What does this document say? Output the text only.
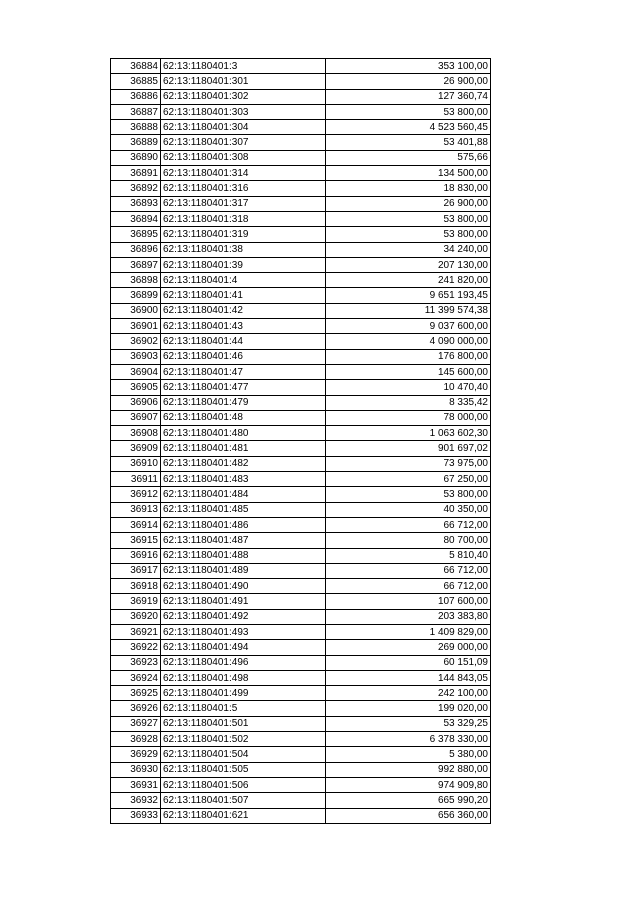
36884	62:13:1180401:3	353 100,00
36885	62:13:1180401:301	26 900,00
36886	62:13:1180401:302	127 360,74
36887	62:13:1180401:303	53 800,00
36888	62:13:1180401:304	4 523 560,45
36889	62:13:1180401:307	53 401,88
36890	62:13:1180401:308	575,66
36891	62:13:1180401:314	134 500,00
36892	62:13:1180401:316	18 830,00
36893	62:13:1180401:317	26 900,00
36894	62:13:1180401:318	53 800,00
36895	62:13:1180401:319	53 800,00
36896	62:13:1180401:38	34 240,00
36897	62:13:1180401:39	207 130,00
36898	62:13:1180401:4	241 820,00
36899	62:13:1180401:41	9 651 193,45
36900	62:13:1180401:42	11 399 574,38
36901	62:13:1180401:43	9 037 600,00
36902	62:13:1180401:44	4 090 000,00
36903	62:13:1180401:46	176 800,00
36904	62:13:1180401:47	145 600,00
36905	62:13:1180401:477	10 470,40
36906	62:13:1180401:479	8 335,42
36907	62:13:1180401:48	78 000,00
36908	62:13:1180401:480	1 063 602,30
36909	62:13:1180401:481	901 697,02
36910	62:13:1180401:482	73 975,00
36911	62:13:1180401:483	67 250,00
36912	62:13:1180401:484	53 800,00
36913	62:13:1180401:485	40 350,00
36914	62:13:1180401:486	66 712,00
36915	62:13:1180401:487	80 700,00
36916	62:13:1180401:488	5 810,40
36917	62:13:1180401:489	66 712,00
36918	62:13:1180401:490	66 712,00
36919	62:13:1180401:491	107 600,00
36920	62:13:1180401:492	203 383,80
36921	62:13:1180401:493	1 409 829,00
36922	62:13:1180401:494	269 000,00
36923	62:13:1180401:496	60 151,09
36924	62:13:1180401:498	144 843,05
36925	62:13:1180401:499	242 100,00
36926	62:13:1180401:5	199 020,00
36927	62:13:1180401:501	53 329,25
36928	62:13:1180401:502	6 378 330,00
36929	62:13:1180401:504	5 380,00
36930	62:13:1180401:505	992 880,00
36931	62:13:1180401:506	974 909,80
36932	62:13:1180401:507	665 990,20
36933	62:13:1180401:621	656 360,00
